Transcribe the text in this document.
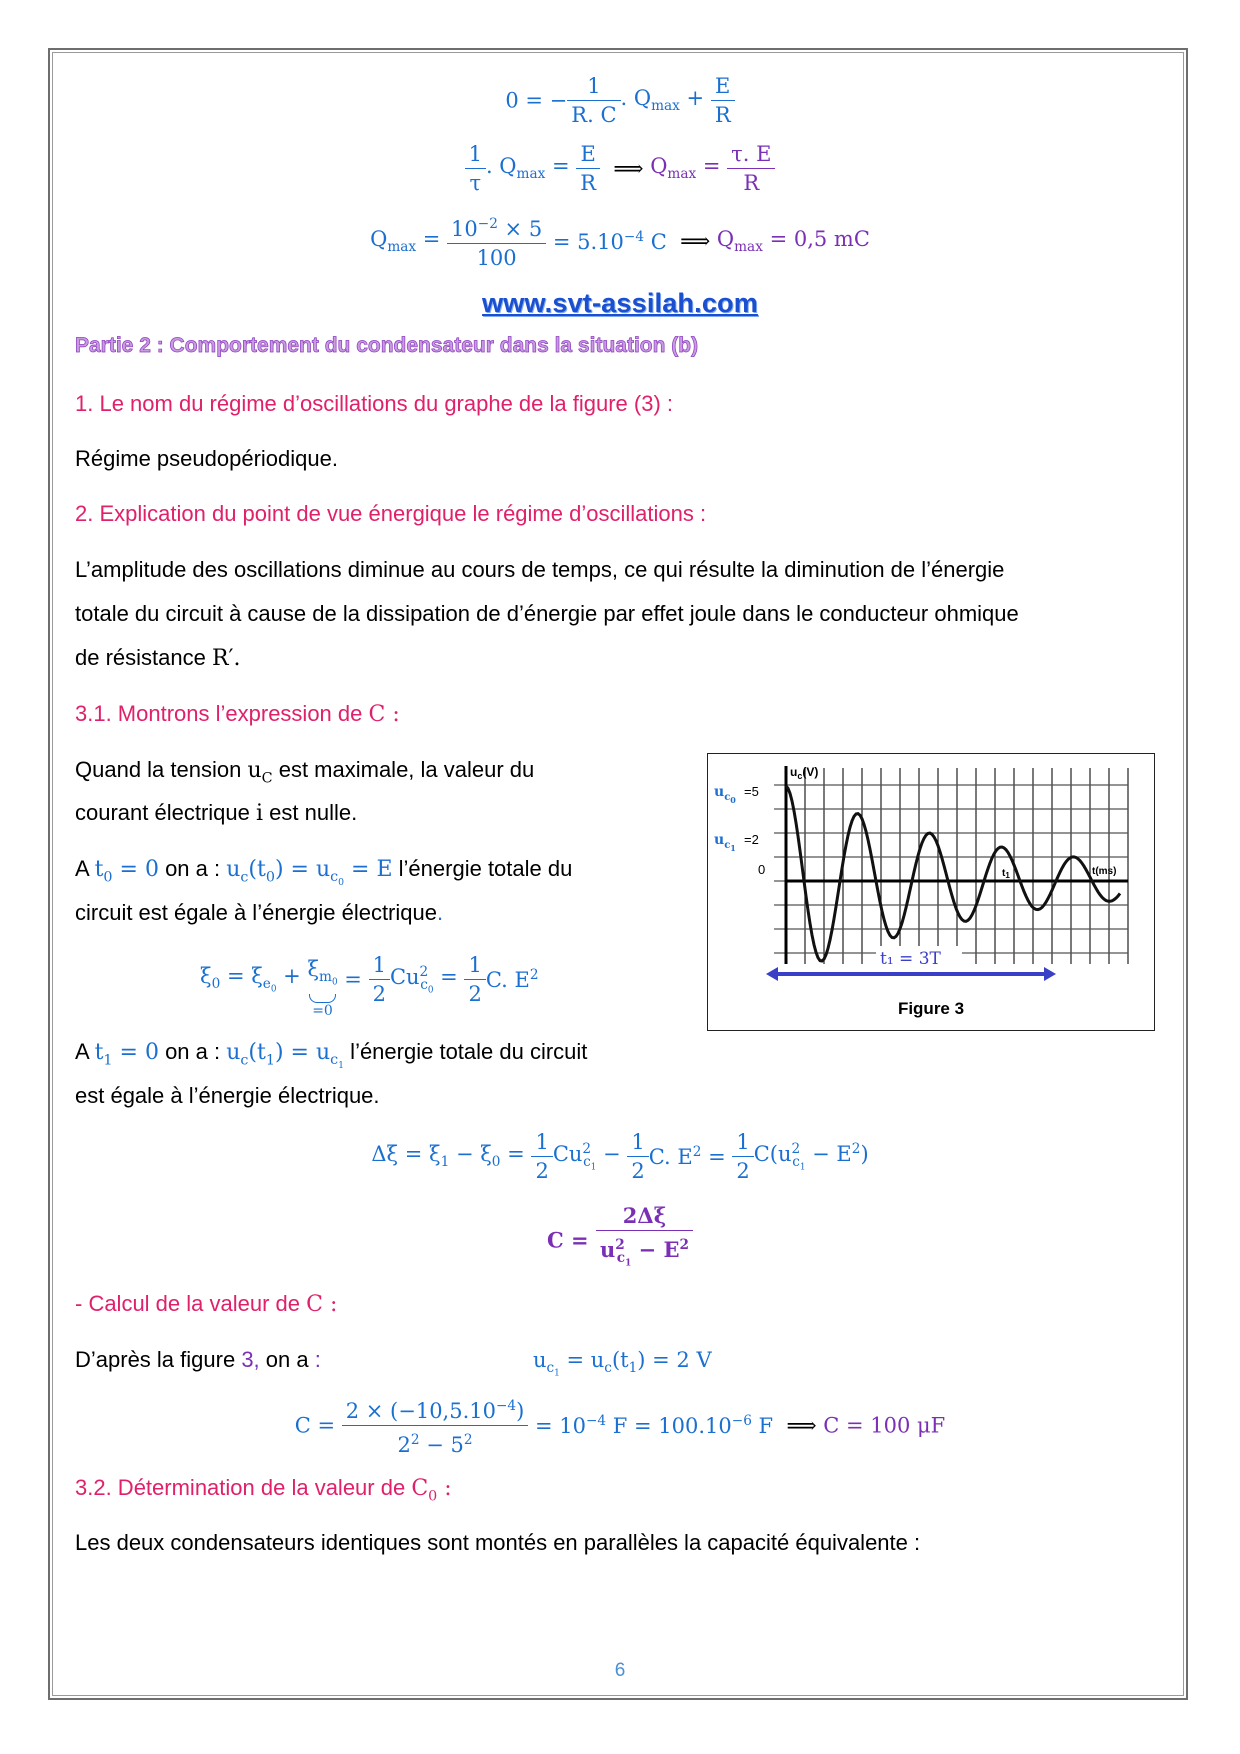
0 = − $\frac{1}{R. C}$ . $Q_{max} + \frac{E}{R}$
$\frac{1}{\tau}$ . $Q_{max} = \frac{E}{R}$ ⟹ $Q_{max} = \frac{\tau. E}{R}$
$Q_{max} = \frac{10^{-2} \times 5}{100} = 5.10^{-4}$ C  ⟹ $Q_{max} = 0,5$ mC
www.svt-assilah.com
Partie 2 : Comportement du condensateur dans la situation (b)
1. Le nom du régime d’oscillations du graphe de la figure (3) :
Régime pseudopériodique.
2. Explication du point de vue énergique le régime d’oscillations :
L’amplitude des oscillations diminue au cours de temps, ce qui résulte la diminution de l’énergie
totale du circuit à cause de la dissipation de d’énergie par effet joule dans le conducteur ohmique
de résistance R′.
3.1. Montrons l’expression de C :
Quand la tension $u_C$ est maximale, la valeur du
courant électrique i est nulle.
A $t_0 = 0$ on a : $u_c(t_0) = u_{c_0} = E$ l’énergie totale du
circuit est égale à l’énergie électrique.
$\xi_0 = \xi_{e_0} + \xi_{m_0}$
=0
= $\frac{1}{2} Cu^2_{c_0} = \frac{1}{2} C$. $E^2$
A $t_1 = 0$ on a : $u_c(t_1) = u_{c_1}$ l’énergie totale du circuit
est égale à l’énergie électrique.
$\Delta\xi = \xi_1 - \xi_0 = \frac{1}{2} Cu^2_{c_1} - \frac{1}{2} C$. $E^2 = \frac{1}{2} C(u^2_{c_1} - E^2)$
$C = \frac{2\Delta\xi}{u^2_{c_1} - E^2}$
- Calcul de la valeur de C :
D’après la figure 3, on a :	$u_{c_1} = u_c(t_1) = 2$ V
$C = \frac{2 \times (-10,5.10^{-4})}{2^2 - 5^2} = 10^{-4}$ $F = 100.10^{-6}$ F  ⟹ C = 100 μF
3.2. Détermination de la valeur de $C_0$ :
Les deux condensateurs identiques sont montés en parallèles la capacité équivalente :
6
t₁ = 3T
$u_{c0}$
$u_{c1}$
=5
=2
0
$u_c(V)$
$t_1$	t(ms)
Figure 3
